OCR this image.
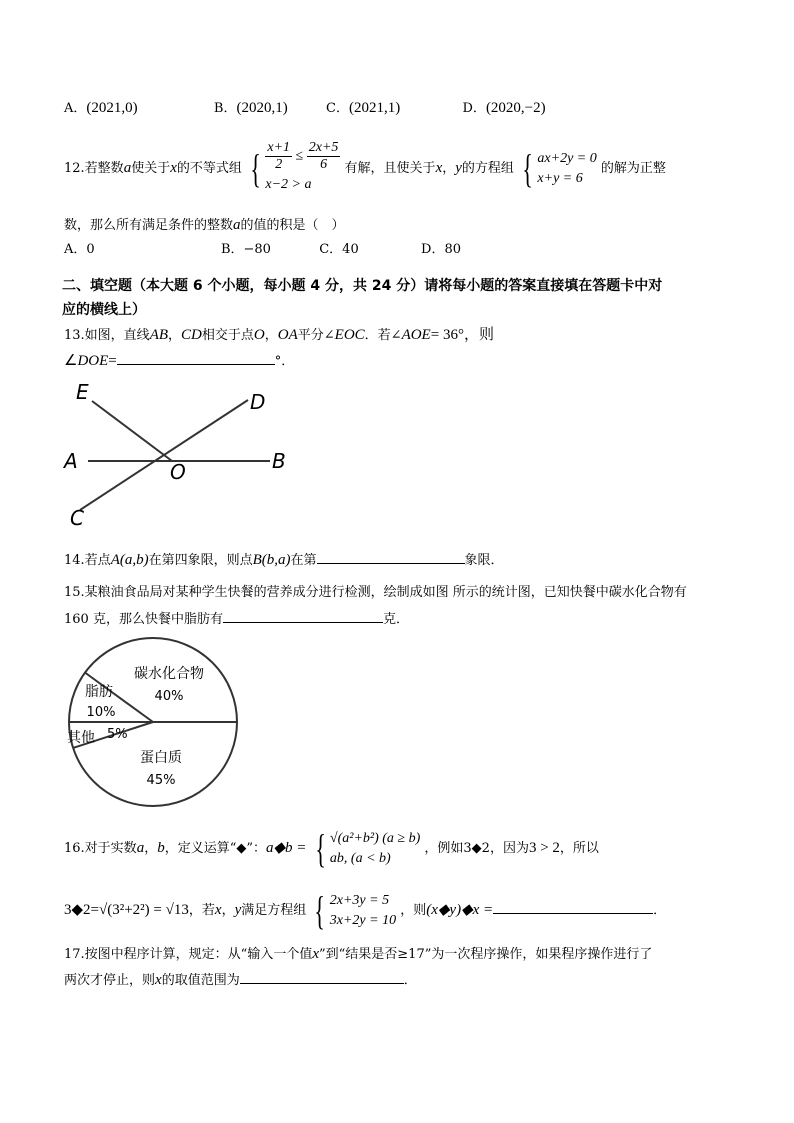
A．(2021,0)	B．(2020,1)	C．(2021,1)	D．(2020,−2)
12.若整数a使关于x的不等式组 { $\frac{x+1}{2} \le \frac{2x+5}{6}$
x−2 > a
有解，且使关于x，y的方程组 { ax+2y = 0
x+y = 6
的解为正整
数，那么所有满足条件的整数a的值的积是（　）
A．0	B．−80	C．40	D．80
二、填空题（本大题 6 个小题，每小题 4 分，共 24 分）请将每小题的答案直接填在答题卡中对
应的横线上）
13.如图，直线AB，CD相交于点O，OA平分∠EOC．若∠AOE= 36°，则
∠DOE=	°．
E	D
A	O	B
C
14.若点A(a,b)在第四象限，则点B(b,a)在第	象限．
15.某粮油食品局对某种学生快餐的营养成分进行检测，绘制成如图 所示的统计图，已知快餐中碳水化合物有
160 克，那么快餐中脂肪有	克．
碳水化合物
40%
脂肪
10%
其他 5%
蛋白质
45%
16.对于实数a，b，定义运算“◆”：a◆b = { √(a²+b²) (a ≥ b)
ab, (a < b)
，例如3◆2，因为3 > 2，所以
3◆2=√(3²+2²) = √13，若x，y满足方程组 { 2x+3y = 5
3x+2y = 10
，则(x◆y)◆x =	．
17.按图中程序计算，规定：从“输入一个值x”到“结果是否≥17”为一次程序操作，如果程序操作进行了
两次才停止，则x的取值范围为	．
